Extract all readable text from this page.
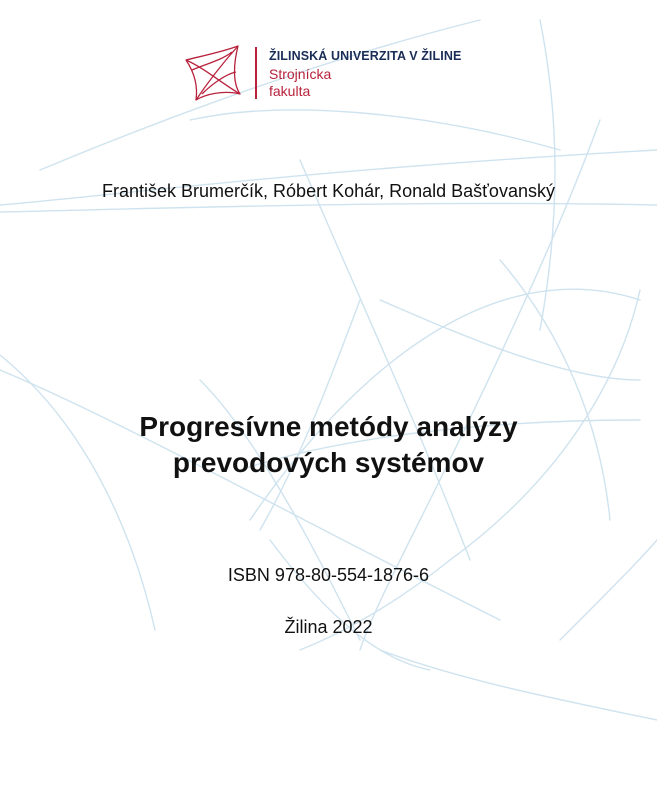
ŽILINSKÁ UNIVERZITA V ŽILINE
Strojnícka
fakulta
František Brumerčík, Róbert Kohár, Ronald Bašťovanský
Progresívne metódy analýzy
prevodových systémov
ISBN 978-80-554-1876-6
Žilina 2022
